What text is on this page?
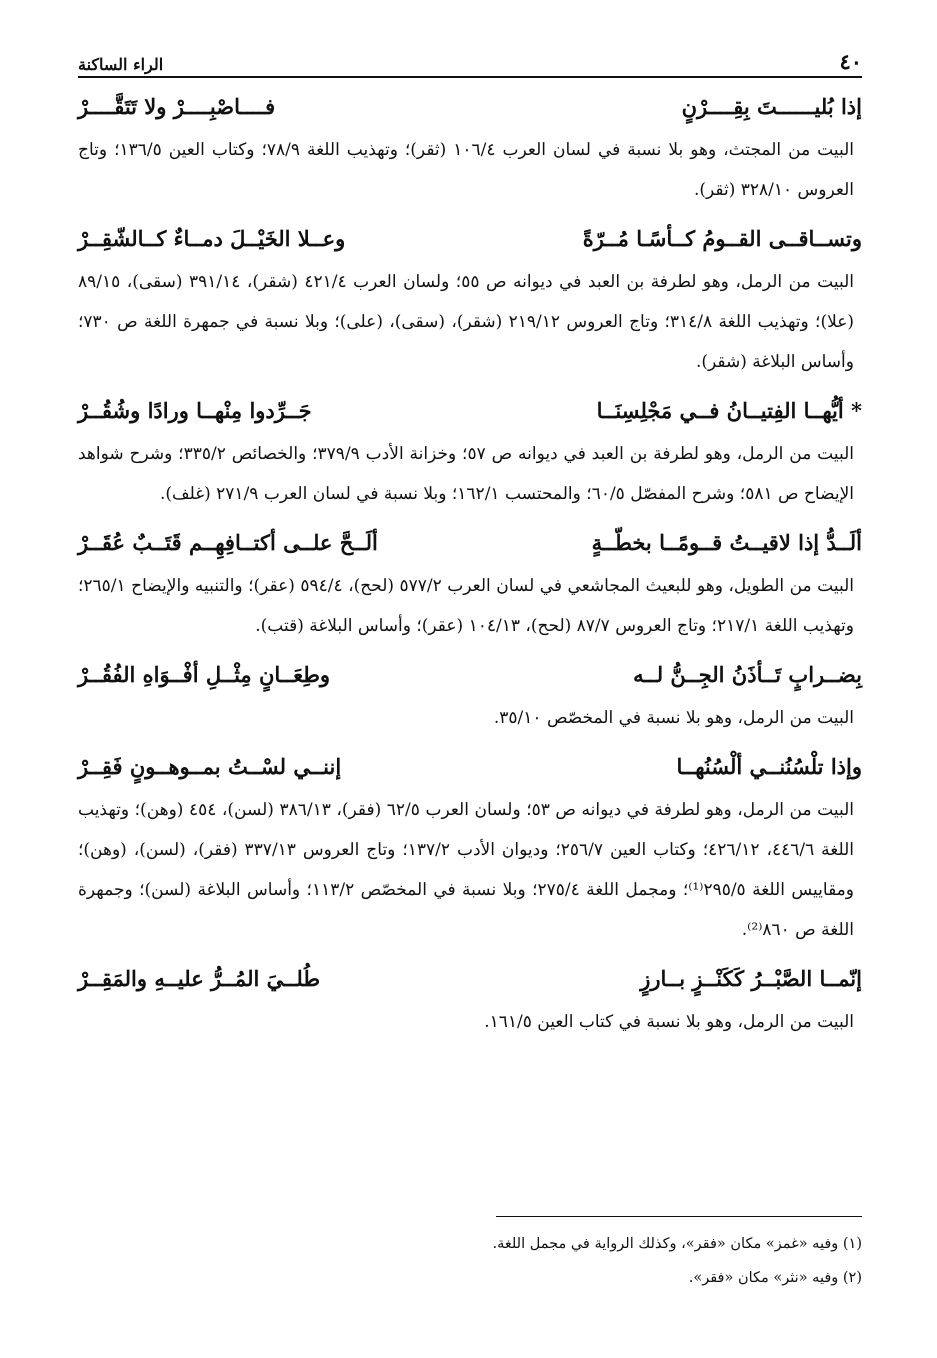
٤٠
الراء الساكنة
إذا بُليــــــتَ بِقِــــرْنٍ
فــــاصْبِــــرْ ولا تَتَقَّــــرْ
البيت من المجتث، وهو بلا نسبة في لسان العرب ١٠٦/٤ (ثقر)؛ وتهذيب اللغة ٧٨/٩؛ وكتاب العين ١٣٦/٥؛ وتاج العروس ٣٢٨/١٠ (ثقر).
وتســاقــى القــومُ كــأسًـا مُــرّةً
وعــلا الخَيْــلَ دمــاءٌ كــالشّقِــرْ
البيت من الرمل، وهو لطرفة بن العبد في ديوانه ص ٥٥؛ ولسان العرب ٤٢١/٤ (شقر)، ٣٩١/١٤ (سقى)، ٨٩/١٥ (علا)؛ وتهذيب اللغة ٣١٤/٨؛ وتاج العروس ٢١٩/١٢ (شقر)، (سقى)، (على)؛ وبلا نسبة في جمهرة اللغة ص ٧٣٠؛ وأساس البلاغة (شقر).
* أيُّهــا الفِتيــانُ فــي مَجْلِسِنَــا
جَــرِّدوا مِنْهــا ورادًا وشُقُــرْ
البيت من الرمل، وهو لطرفة بن العبد في ديوانه ص ٥٧؛ وخزانة الأدب ٣٧٩/٩؛ والخصائص ٣٣٥/٢؛ وشرح شواهد الإيضاح ص ٥٨١؛ وشرح المفصّل ٦٠/٥؛ والمحتسب ١٦٢/١؛ وبلا نسبة في لسان العرب ٢٧١/٩ (غلف).
ألَــدُّ إذا لاقيــتُ قــومًــا بخطّــةٍ
ألَــحَّ علــى أكتــافِهِــم قَتَــبٌ عُقَــرْ
البيت من الطويل، وهو للبعيث المجاشعي في لسان العرب ٥٧٧/٢ (لحح)، ٥٩٤/٤ (عقر)؛ والتنبيه والإيضاح ٢٦٥/١؛ وتهذيب اللغة ٢١٧/١؛ وتاج العروس ٨٧/٧ (لحح)، ١٠٤/١٣ (عقر)؛ وأساس البلاغة (قتب).
بِضــرابٍ تَــأذَنُ الجِــنُّ لــه
وطِعَــانٍ مِثْــلِ أفْــوَاهِ الفُقُــرْ
البيت من الرمل، وهو بلا نسبة في المخصّص ٣٥/١٠.
وإذا تلْسُنُنــي ألْسُنُهــا
إننــي لسْــتُ بمــوهــونٍ فَقِــرْ
البيت من الرمل، وهو لطرفة في ديوانه ص ٥٣؛ ولسان العرب ٦٢/٥ (فقر)، ٣٨٦/١٣ (لسن)، ٤٥٤ (وهن)؛ وتهذيب اللغة ٤٤٦/٦، ٤٢٦/١٢؛ وكتاب العين ٢٥٦/٧؛ وديوان الأدب ١٣٧/٢؛ وتاج العروس ٣٣٧/١٣ (فقر)، (لسن)، (وهن)؛ ومقاييس اللغة ٢٩٥/٥⁽¹⁾؛ ومجمل اللغة ٢٧٥/٤؛ وبلا نسبة في المخصّص ١١٣/٢؛ وأساس البلاغة (لسن)؛ وجمهرة اللغة ص ٨٦٠⁽²⁾.
إنّمــا الصَّبْــرُ كَكَنْــزٍ بــارزٍ
طُلــيَ المُــرُّ عليــهِ والمَقِــرْ
البيت من الرمل، وهو بلا نسبة في كتاب العين ١٦١/٥.
(١) وفيه «غمز» مكان «فقر»، وكذلك الرواية في مجمل اللغة.
(٢) وفيه «نثر» مكان «فقر».
